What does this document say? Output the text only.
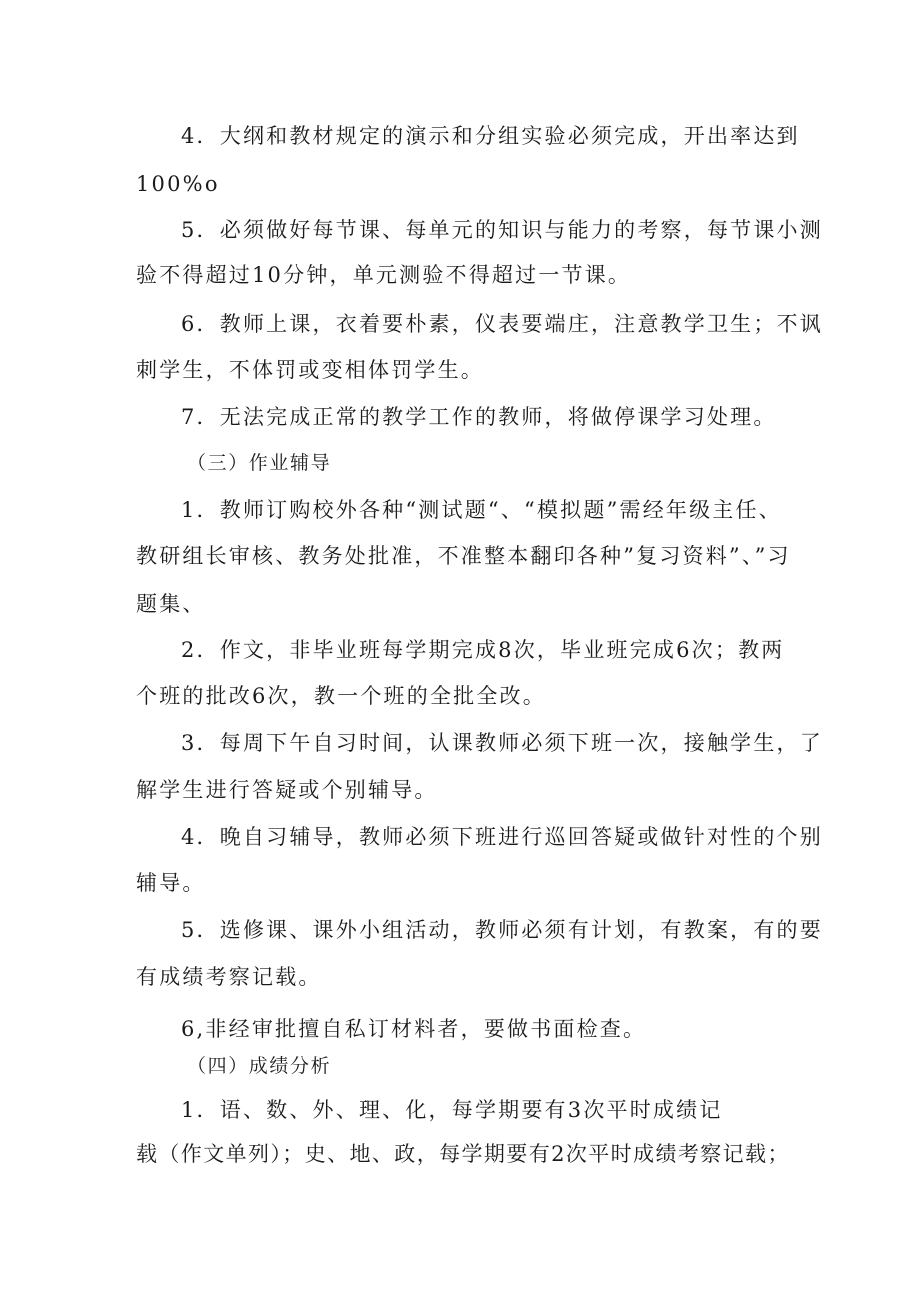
4．大纲和教材规定的演示和分组实验必须完成，开出率达到
100%o
5．必须做好每节课、每单元的知识与能力的考察，每节课小测
验不得超过10分钟，单元测验不得超过一节课。
6．教师上课，衣着要朴素，仪表要端庄，注意教学卫生；不讽
刺学生，不体罚或变相体罚学生。
7．无法完成正常的教学工作的教师，将做停课学习处理。
（三）作业辅导
1．教师订购校外各种“测试题“、“模拟题”需经年级主任、
教研组长审核、教务处批准，不准整本翻印各种”复习资料”、”习
题集、
2．作文，非毕业班每学期完成8次，毕业班完成6次；教两
个班的批改6次，教一个班的全批全改。
3．每周下午自习时间，认课教师必须下班一次，接触学生，了
解学生进行答疑或个别辅导。
4．晚自习辅导，教师必须下班进行巡回答疑或做针对性的个别
辅导。
5．选修课、课外小组活动，教师必须有计划，有教案，有的要
有成绩考察记载。
6,非经审批擅自私订材料者，要做书面检查。
（四）成绩分析
1．语、数、外、理、化，每学期要有3次平时成绩记
载（作文单列）；史、地、政，每学期要有2次平时成绩考察记载；
